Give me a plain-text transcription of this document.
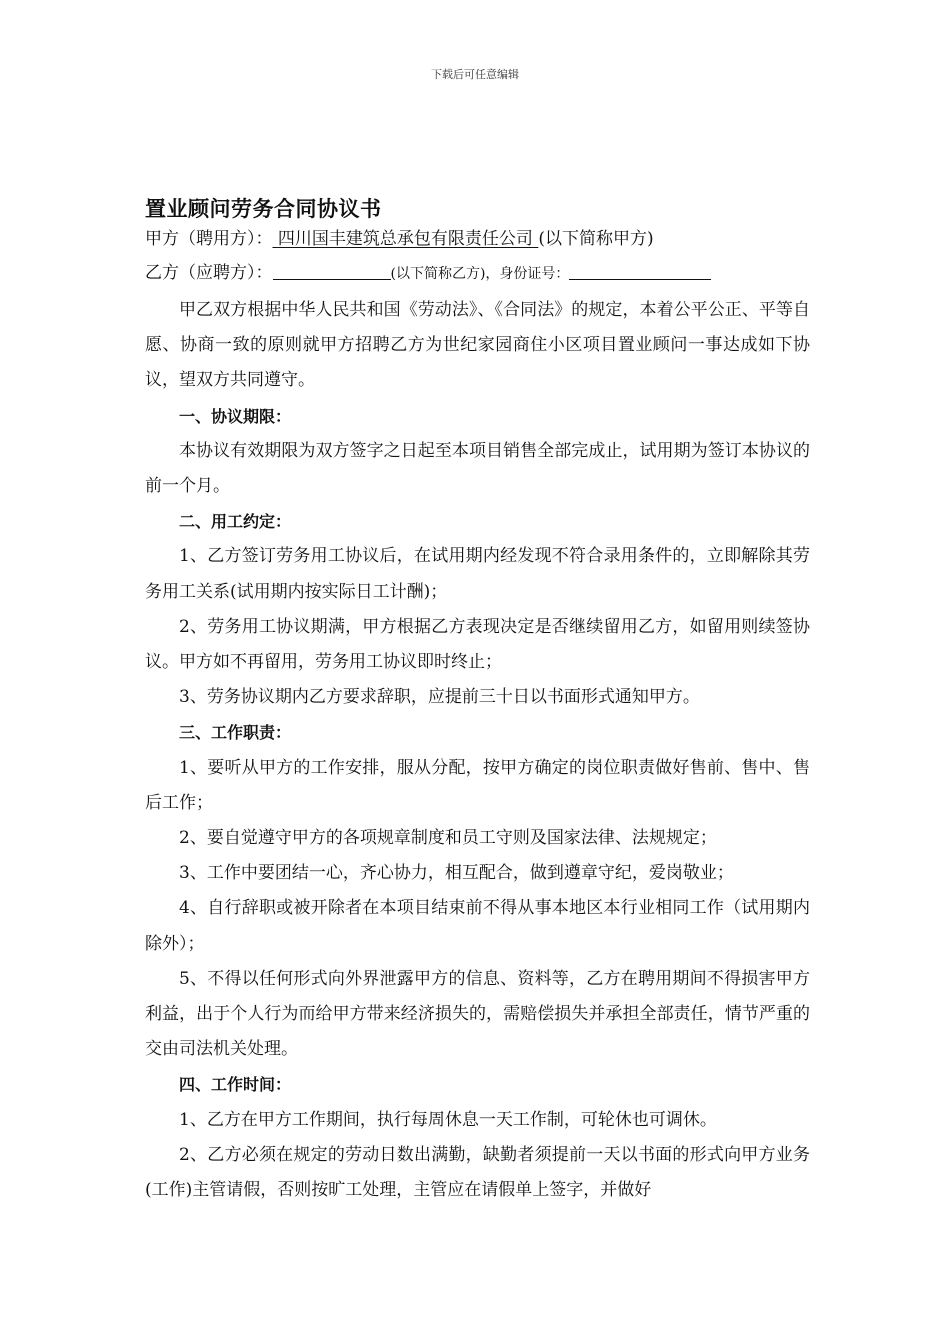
下载后可任意编辑
置业顾问劳务合同协议书

甲方（聘用方）： 四川国丰建筑总承包有限责任公司 (以下简称甲方)

乙方（应聘方）：	(以下简称乙方)，身份证号：

甲乙双方根据中华人民共和国《劳动法》、《合同法》的规定，本着公平公正、平等自愿、协商一致的原则就甲方招聘乙方为世纪家园商住小区项目置业顾问一事达成如下协议，望双方共同遵守。

一、协议期限：

本协议有效期限为双方签字之日起至本项目销售全部完成止，试用期为签订本协议的前一个月。

二、用工约定：

1、乙方签订劳务用工协议后，在试用期内经发现不符合录用条件的，立即解除其劳务用工关系(试用期内按实际日工计酬)；

2、劳务用工协议期满，甲方根据乙方表现决定是否继续留用乙方，如留用则续签协议。甲方如不再留用，劳务用工协议即时终止；

3、劳务协议期内乙方要求辞职，应提前三十日以书面形式通知甲方。

三、工作职责：

1、要听从甲方的工作安排，服从分配，按甲方确定的岗位职责做好售前、售中、售后工作；

2、要自觉遵守甲方的各项规章制度和员工守则及国家法律、法规规定；

3、工作中要团结一心，齐心协力，相互配合，做到遵章守纪，爱岗敬业；

4、自行辞职或被开除者在本项目结束前不得从事本地区本行业相同工作（试用期内除外）；

5、不得以任何形式向外界泄露甲方的信息、资料等，乙方在聘用期间不得损害甲方利益，出于个人行为而给甲方带来经济损失的，需赔偿损失并承担全部责任，情节严重的交由司法机关处理。

四、工作时间：

1、乙方在甲方工作期间，执行每周休息一天工作制，可轮休也可调休。

2、乙方必须在规定的劳动日数出满勤，缺勤者须提前一天以书面的形式向甲方业务(工作)主管请假，否则按旷工处理，主管应在请假单上签字，并做好
